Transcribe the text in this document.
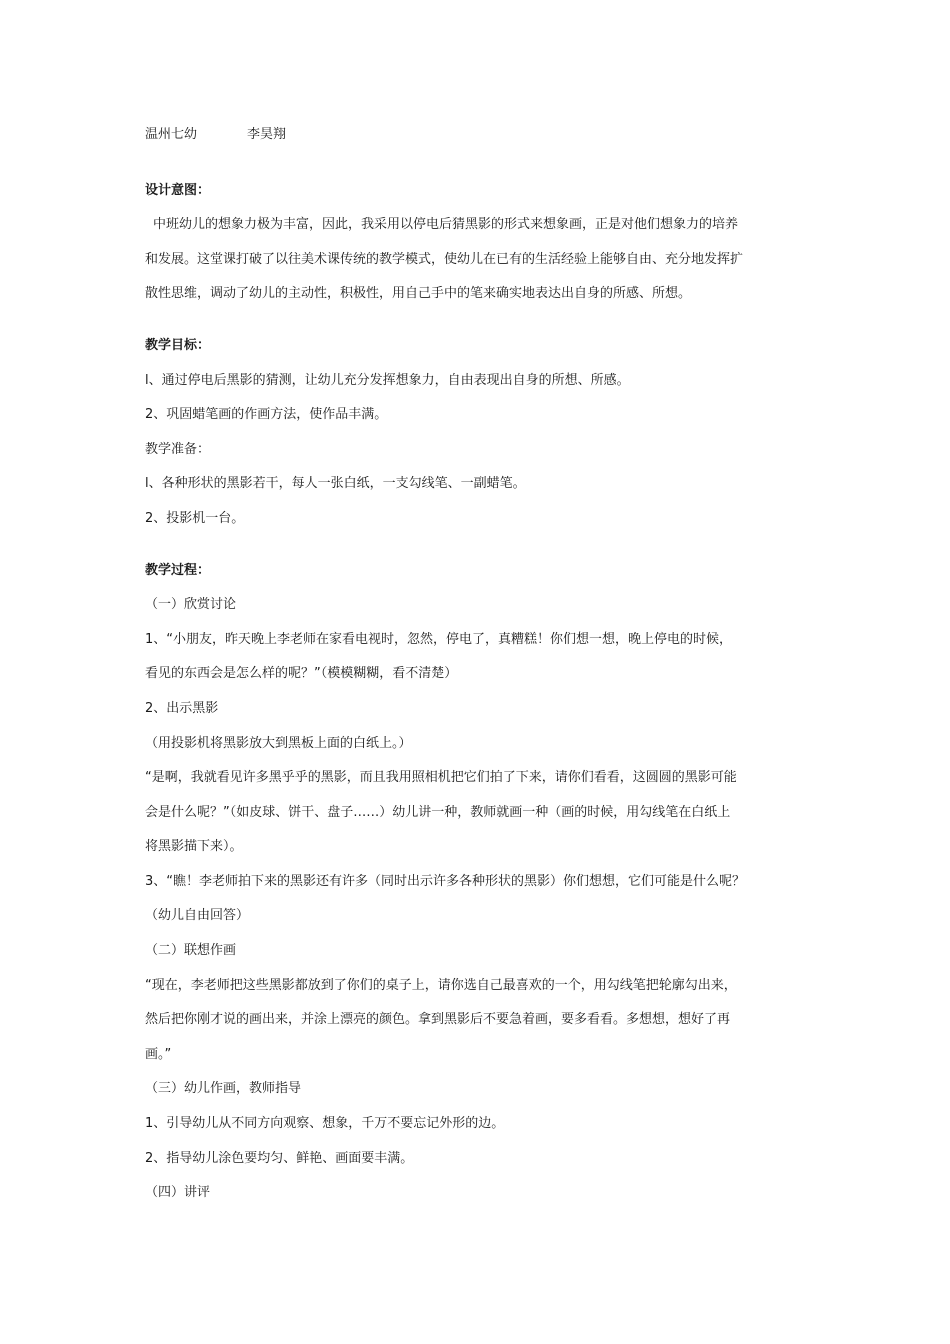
温州七幼	李昊翔
设计意图：
中班幼儿的想象力极为丰富，因此，我采用以停电后猜黑影的形式来想象画，正是对他们想象力的培养
和发展。这堂课打破了以往美术课传统的教学模式，使幼儿在已有的生活经验上能够自由、充分地发挥扩
散性思维，调动了幼儿的主动性，积极性，用自己手中的笔来确实地表达出自身的所感、所想。
教学目标：
l、通过停电后黑影的猜测，让幼儿充分发挥想象力，自由表现出自身的所想、所感。
2、巩固蜡笔画的作画方法，使作品丰满。
教学准备：
l、各种形状的黑影若干，每人一张白纸，一支勾线笔、一副蜡笔。
2、投影机一台。
教学过程：
（一）欣赏讨论
1、“小朋友，昨天晚上李老师在家看电视时，忽然，停电了，真糟糕！你们想一想，晚上停电的时候，
看见的东西会是怎么样的呢？”（模模糊糊，看不清楚）
2、出示黑影
（用投影机将黑影放大到黑板上面的白纸上。）
“是啊，我就看见许多黑乎乎的黑影，而且我用照相机把它们拍了下来，请你们看看，这圆圆的黑影可能
会是什么呢？”（如皮球、饼干、盘子……）幼儿讲一种，教师就画一种（画的时候，用勾线笔在白纸上
将黑影描下来）。
3、“瞧！李老师拍下来的黑影还有许多（同时出示许多各种形状的黑影）你们想想，它们可能是什么呢？
（幼儿自由回答）
（二）联想作画
“现在，李老师把这些黑影都放到了你们的桌子上，请你选自己最喜欢的一个，用勾线笔把轮廓勾出来，
然后把你刚才说的画出来，并涂上漂亮的颜色。拿到黑影后不要急着画，要多看看。多想想，想好了再
画。”
（三）幼儿作画，教师指导
1、引导幼儿从不同方向观察、想象，千万不要忘记外形的边。
2、指导幼儿涂色要均匀、鲜艳、画面要丰满。
（四）讲评
